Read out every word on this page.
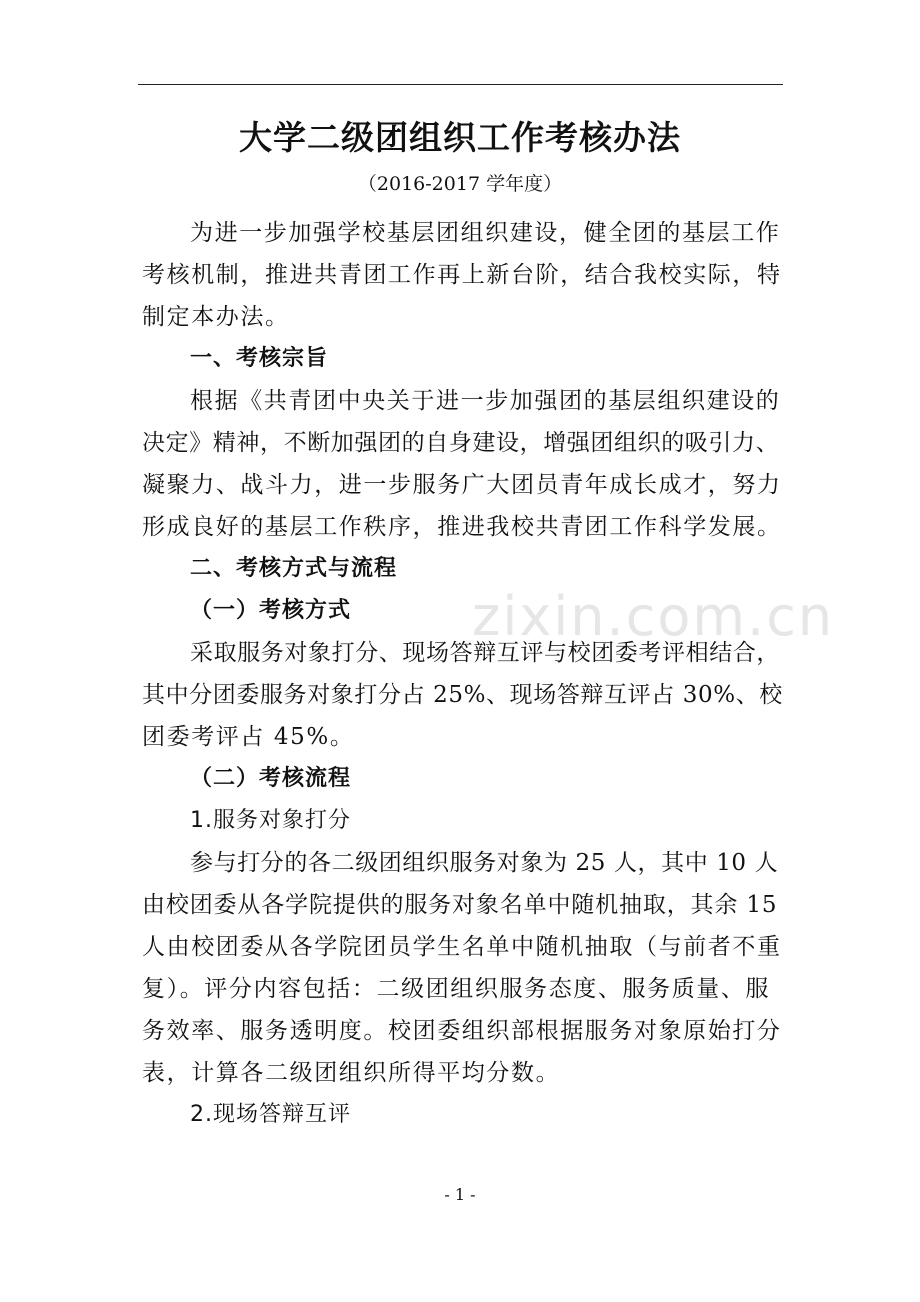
zixin.com.cn
大学二级团组织工作考核办法
（2016-2017 学年度）
为进一步加强学校基层团组织建设，健全团的基层工作
考核机制，推进共青团工作再上新台阶，结合我校实际，特
制定本办法。
一、考核宗旨
根据《共青团中央关于进一步加强团的基层组织建设的
决定》精神，不断加强团的自身建设，增强团组织的吸引力、
凝聚力、战斗力，进一步服务广大团员青年成长成才，努力
形成良好的基层工作秩序，推进我校共青团工作科学发展。
二、考核方式与流程
（一）考核方式
采取服务对象打分、现场答辩互评与校团委考评相结合，
其中分团委服务对象打分占 25%、现场答辩互评占 30%、校
团委考评占 45%。
（二）考核流程
1.服务对象打分
参与打分的各二级团组织服务对象为 25 人，其中 10 人
由校团委从各学院提供的服务对象名单中随机抽取，其余 15
人由校团委从各学院团员学生名单中随机抽取（与前者不重
复）。评分内容包括：二级团组织服务态度、服务质量、服
务效率、服务透明度。校团委组织部根据服务对象原始打分
表，计算各二级团组织所得平均分数。
2.现场答辩互评
- 1 -
